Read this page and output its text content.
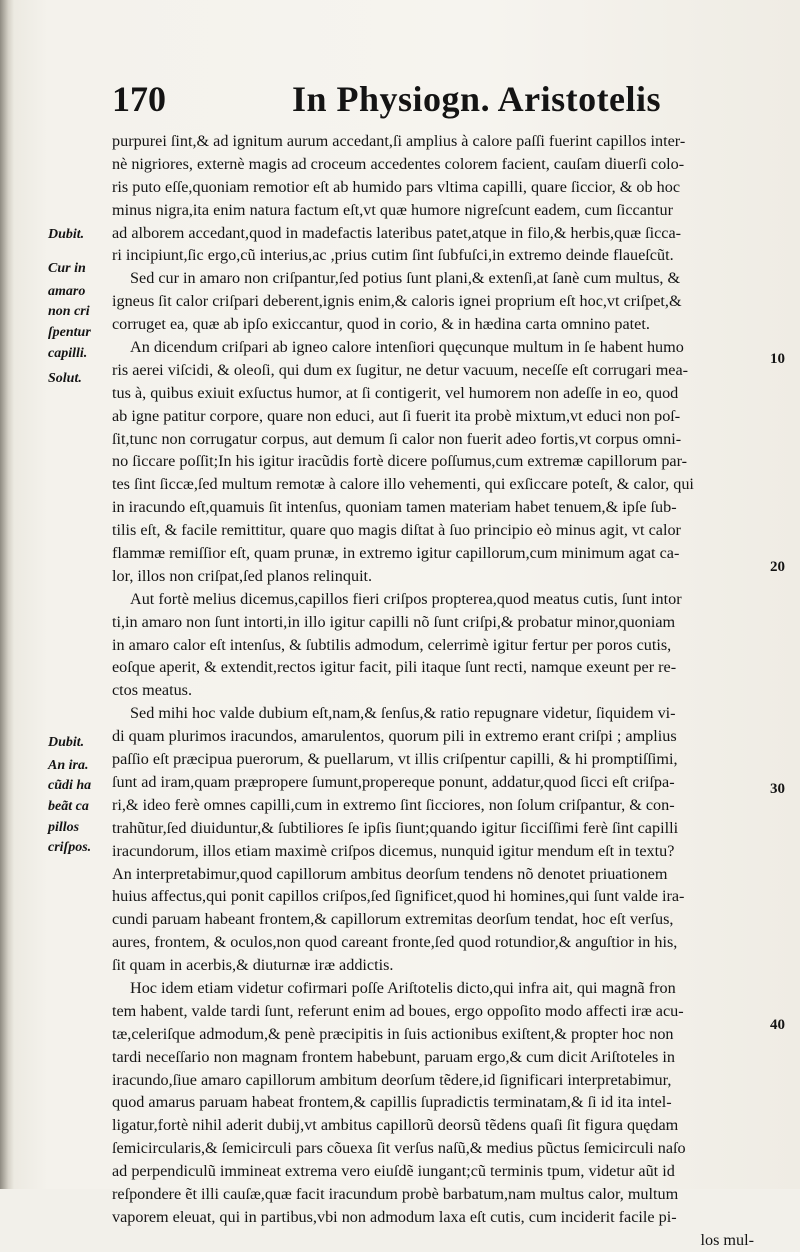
170	In Physiogn. Aristotelis
purpurei ſint,& ad ignitum aurum accedant,ſi amplius à calore paſſi fuerint capillos inter-
nè nigriores, externè magis ad croceum accedentes colorem facient, cauſam diuerſi colo-
ris puto eſſe,quoniam remotior eſt ab humido pars vltima capilli, quare ſiccior, & ob hoc
minus nigra,ita enim natura factum eſt,vt quæ humore nigreſcunt eadem, cum ſiccantur
ad alborem accedant,quod in madefactis lateribus patet,atque in filo,& herbis,quæ ſicca-
ri incipiunt,ſic ergo,cũ interius,ac ,prius cutim ſint ſubfuſci,in extremo deinde flaueſcũt.
Sed cur in amaro non criſpantur,ſed potius ſunt plani,& extenſi,at ſanè cum multus, &
igneus ſit calor criſpari deberent,ignis enim,& caloris ignei proprium eſt hoc,vt criſpet,&
corruget ea, quæ ab ipſo exiccantur, quod in corio, & in hædina carta omnino patet.
An dicendum criſpari ab igneo calore intenſiori quęcunque multum in ſe habent humo
ris aerei viſcidi, & oleoſi, qui dum ex ſugitur, ne detur vacuum, neceſſe eſt corrugari mea-
tus à, quibus exiuit exſuctus humor, at ſi contigerit, vel humorem non adeſſe in eo, quod
ab igne patitur corpore, quare non educi, aut ſi fuerit ita probè mixtum,vt educi non poſ-
ſit,tunc non corrugatur corpus, aut demum ſi calor non fuerit adeo fortis,vt corpus omni-
no ſiccare poſſit;In his igitur iracũdis fortè dicere poſſumus,cum extremæ capillorum par-
tes ſint ſiccæ,ſed multum remotæ à calore illo vehementi, qui exſiccare poteſt, & calor, qui
in iracundo eſt,quamuis ſit intenſus, quoniam tamen materiam habet tenuem,& ipſe ſub-
tilis eſt, & facile remittitur, quare quo magis diſtat à ſuo principio eò minus agit, vt calor
flammæ remiſſior eſt, quam prunæ, in extremo igitur capillorum,cum minimum agat ca-
lor, illos non criſpat,ſed planos relinquit.
Aut fortè melius dicemus,capillos fieri criſpos propterea,quod meatus cutis, ſunt intor
ti,in amaro non ſunt intorti,in illo igitur capilli nõ ſunt criſpi,& probatur minor,quoniam
in amaro calor eſt intenſus, & ſubtilis admodum, celerrimè igitur fertur per poros cutis,
eoſque aperit, & extendit,rectos igitur facit, pili itaque ſunt recti, namque exeunt per re-
ctos meatus.
Sed mihi hoc valde dubium eſt,nam,& ſenſus,& ratio repugnare videtur, ſiquidem vi-
di quam plurimos iracundos, amarulentos, quorum pili in extremo erant criſpi ; amplius
paſſio eſt præcipua puerorum, & puellarum, vt illis criſpentur capilli, & hi promptiſſimi,
ſunt ad iram,quam præpropere ſumunt,propereque ponunt, addatur,quod ſicci eſt criſpa-
ri,& ideo ferè omnes capilli,cum in extremo ſint ſicciores, non ſolum criſpantur, & con-
trahũtur,ſed diuiduntur,& ſubtiliores ſe ipſis ſiunt;quando igitur ſicciſſimi ferè ſint capilli
iracundorum, illos etiam maximè criſpos dicemus, nunquid igitur mendum eſt in textu?
An interpretabimur,quod capillorum ambitus deorſum tendens nõ denotet priuationem
huius affectus,qui ponit capillos criſpos,ſed ſignificet,quod hi homines,qui ſunt valde ira-
cundi paruam habeant frontem,& capillorum extremitas deorſum tendat, hoc eſt verſus,
aures, frontem, & oculos,non quod careant fronte,ſed quod rotundior,& anguſtior in his,
ſit quam in acerbis,& diuturnæ iræ addictis.
Hoc idem etiam videtur cofirmari poſſe Ariſtotelis dicto,qui infra ait, qui magnã fron
tem habent, valde tardi ſunt, referunt enim ad boues, ergo oppoſito modo affecti iræ acu-
tæ,celeriſque admodum,& penè præcipitis in ſuis actionibus exiſtent,& propter hoc non
tardi neceſſario non magnam frontem habebunt, paruam ergo,& cum dicit Ariſtoteles in
iracundo,ſiue amaro capillorum ambitum deorſum tẽdere,id ſignificari interpretabimur,
quod amarus paruam habeat frontem,& capillis ſupradictis terminatam,& ſi id ita intel-
ligatur,fortè nihil aderit dubij,vt ambitus capillorũ deorsũ tẽdens quaſi ſit figura quędam
ſemicircularis,& ſemicirculi pars cõuexa ſit verſus naſũ,& medius pũctus ſemicirculi naſo
ad perpendiculũ immineat extrema vero eiuſdẽ iungant;cũ terminis tpum, videtur aũt id
reſpondere ẽt illi cauſæ,quæ facit iracundum probè barbatum,nam multus calor, multum
vaporem eleuat, qui in partibus,vbi non admodum laxa eſt cutis, cum inciderit facile pi-
los mul-
Dubit.
Cur in
amaro
non cri
ſpentur
capilli.
Solut.
Dubit.
An ira.
cũdi ha
beãt ca
pillos
criſpos.
10
20
30
40
